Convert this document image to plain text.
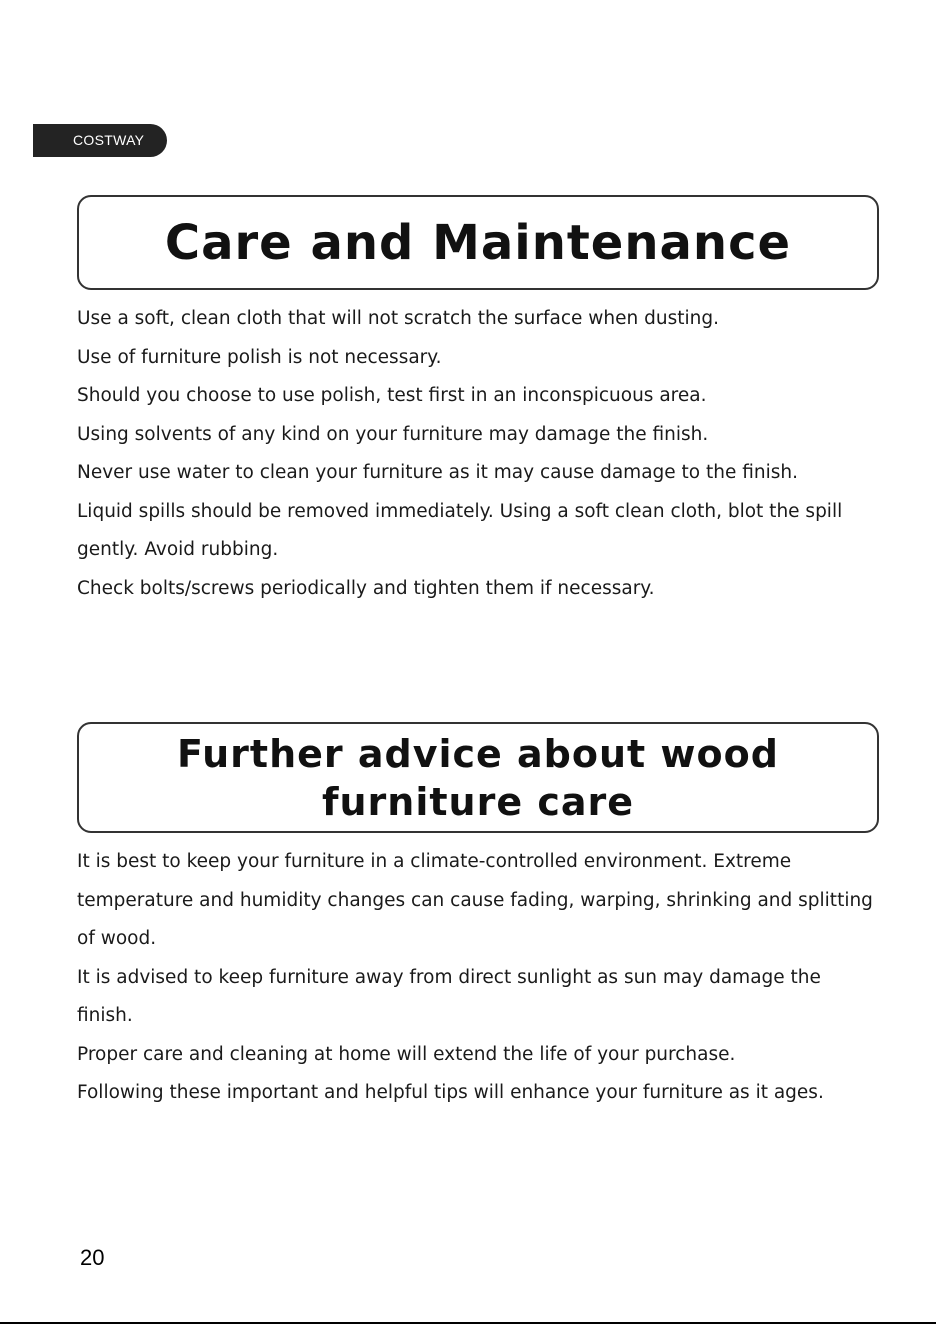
COSTWAY
Care and Maintenance

Use a soft, clean cloth that will not scratch the surface when dusting.

Use of furniture polish is not necessary.

Should you choose to use polish, test first in an inconspicuous area.

Using solvents of any kind on your furniture may damage the finish.

Never use water to clean your furniture as it may cause damage to the finish.

Liquid spills should be removed immediately. Using a soft clean cloth, blot the spill gently. Avoid rubbing.

Check bolts/screws periodically and tighten them if necessary.

Further advice about wood
furniture care

It is best to keep your furniture in a climate-controlled environment. Extreme temperature and humidity changes can cause fading, warping, shrinking and splitting of wood.

It is advised to keep furniture away from direct sunlight as sun may damage the finish.

Proper care and cleaning at home will extend the life of your purchase.

Following these important and helpful tips will enhance your furniture as it ages.

20
